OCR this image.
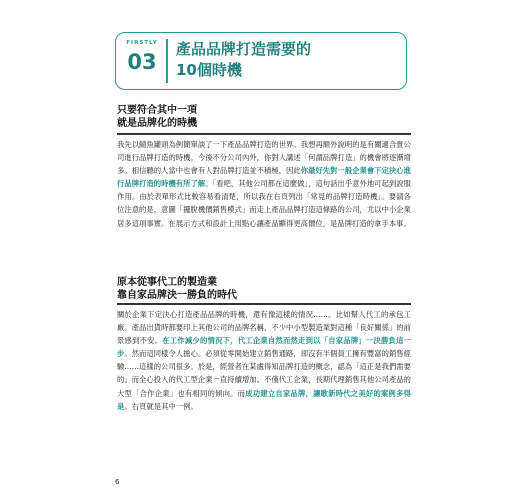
FIRSTLY
03
產品品牌打造需要的
10個時機
只要符合其中一項
就是品牌化的時機
我先以鯖魚罐頭為例簡單談了一下產品品牌打造的世界。我想再額外說明的是有關適合貴公司進行品牌打造的時機。今後不分公司內外，你對人講述「何謂品牌打造」的機會將逐漸增多。相信聽的人當中也會有人對品牌打造並不積極，因此你最好先對一般企業會下定決心進行品牌打造的時機有所了解。「看吧，其他公司都在這麼做」，這句話出乎意外地可起到說服作用。由於表單形式比較容易看清楚，所以我在右頁列出「常見的品牌打造時機」。要請各位注意的是，意圖「擺脫機價銷售模式」而走上產品品牌打造這條路的公司，尤以中小企業居多這項事實。在展示方式和設計上用點心讓產品顯得更高價位，是品牌打造的拿手本事。
原本從事代工的製造業
靠自家品牌決一勝負的時代
關於企業下定決心打造產品品牌的時機，還有像這樣的情況……。比如幫人代工的承包工廠。產品出貨時都要印上其他公司的品牌名稱，不少中小型製造業對這種「良好關係」的前景感到不安。在工作減少的情況下，代工企業自然而然走到以「自家品牌」一決勝負這一步。然而這同樣令人擔心。必須從零開始建立銷售通路，卻沒有半個員工擁有豐富的銷售經驗……這樣的公司很多。於是，經營者在某處得知品牌打造的概念，認為「這正是我們需要的」而全心投入的代工型企業一直持續增加。不僅代工企業，長期代理銷售其他公司產品的大型「合作企業」也有相同的傾向。而成功建立自家品牌，讓歌新時代之美好的案例多得是。右頁就是其中一例。
6
